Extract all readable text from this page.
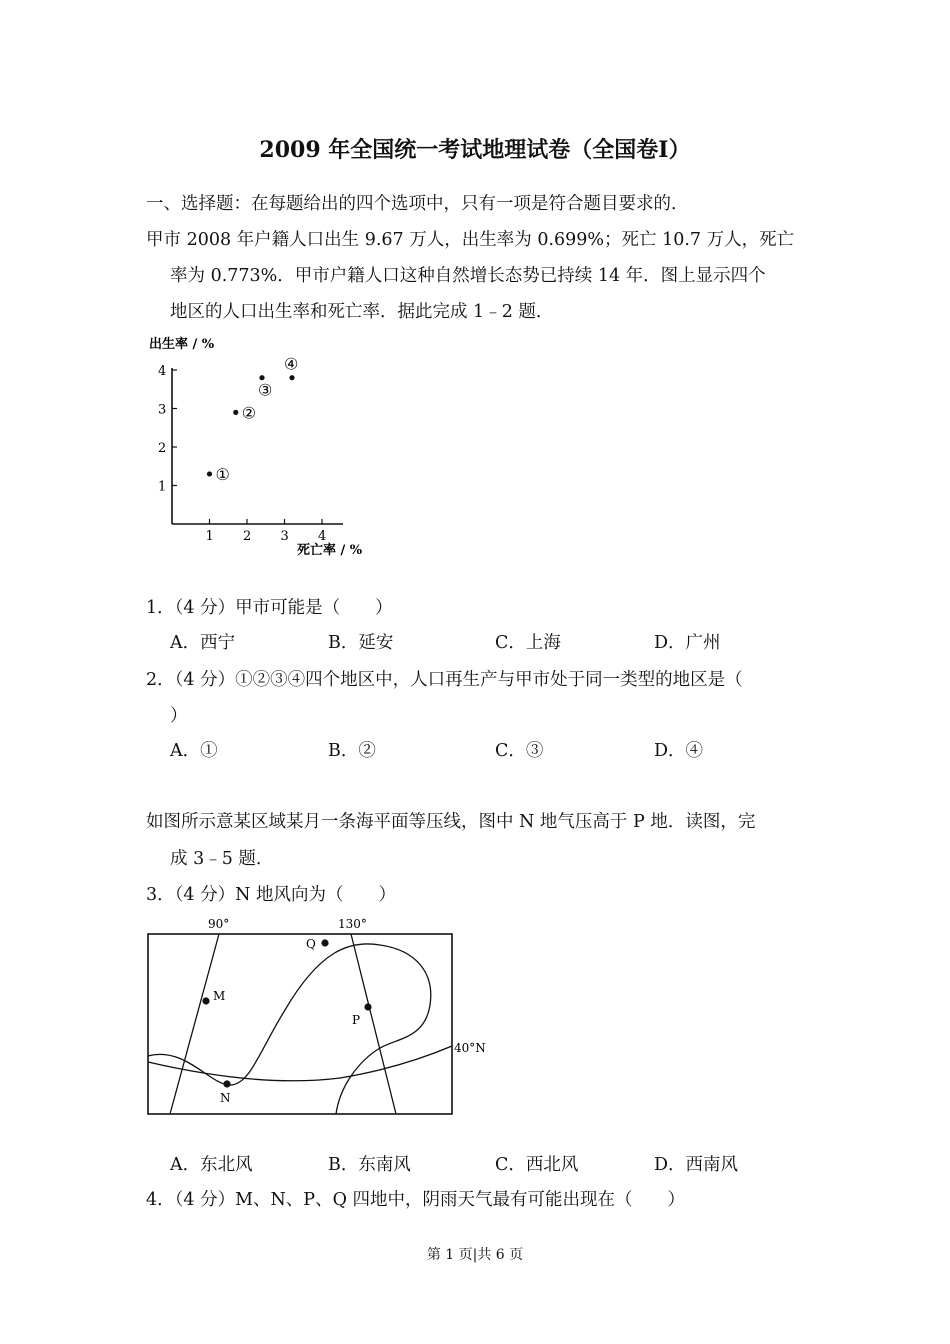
2009 年全国统一考试地理试卷（全国卷Ⅰ）
一、选择题：在每题给出的四个选项中，只有一项是符合题目要求的．
甲市 2008 年户籍人口出生 9.67 万人，出生率为 0.699%；死亡 10.7 万人，死亡
率为 0.773%．甲市户籍人口这种自然增长态势已持续 14 年．图上显示四个
地区的人口出生率和死亡率．据此完成 1﹣2 题．
出生率 / %
死亡率 / %
1 2 3 4
1
2
3
4
①
②
③
④
1．（4 分）甲市可能是（　　）
A．西宁	B．延安	C．上海	D．广州
2．（4 分）①②③④四个地区中，人口再生产与甲市处于同一类型的地区是（
）
A．①	B．②	C．③	D．④
如图所示意某区域某月一条海平面等压线，图中 N 地气压高于 P 地．读图，完
成 3﹣5 题．
3．（4 分）N 地风向为（　　）
90°	130°
40°N
M
N
P
Q
A．东北风	B．东南风	C．西北风	D．西南风
4．（4 分）M、N、P、Q 四地中，阴雨天气最有可能出现在（　　）
第 1 页|共 6 页
